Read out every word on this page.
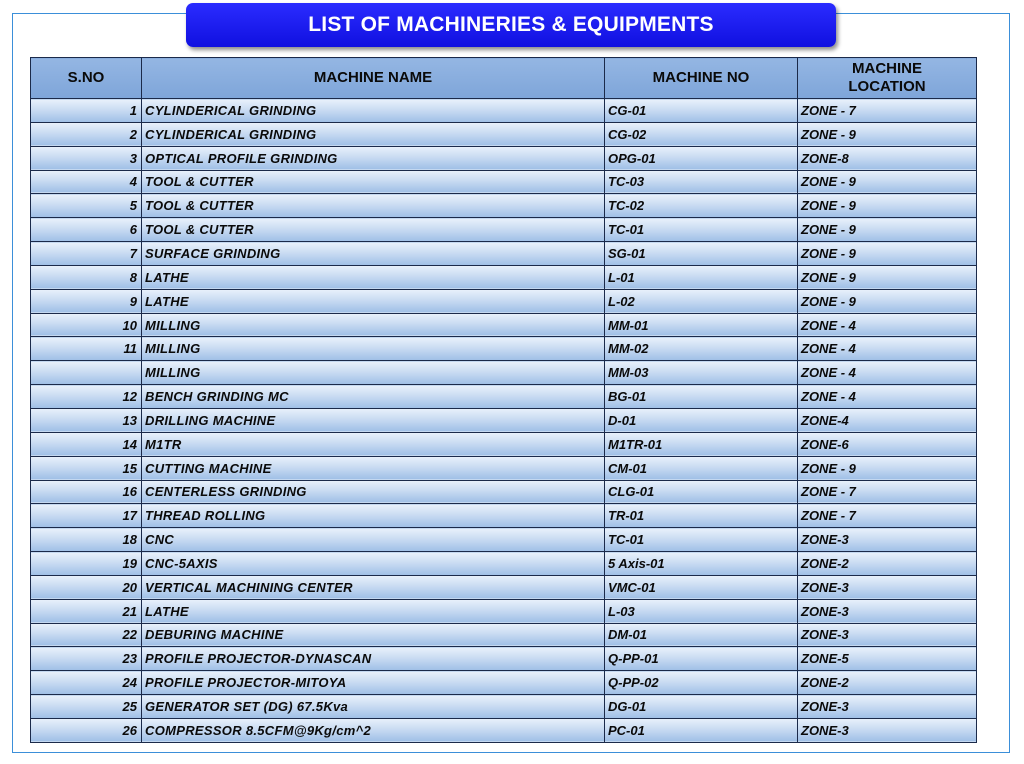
LIST OF MACHINERIES & EQUIPMENTS
S.NO	MACHINE NAME	MACHINE NO	MACHINE
LOCATION
1	CYLINDERICAL GRINDING	CG-01	ZONE - 7
2	CYLINDERICAL GRINDING	CG-02	ZONE - 9
3	OPTICAL PROFILE GRINDING	OPG-01	ZONE-8
4	TOOL & CUTTER	TC-03	ZONE - 9
5	TOOL & CUTTER	TC-02	ZONE - 9
6	TOOL & CUTTER	TC-01	ZONE - 9
7	SURFACE GRINDING	SG-01	ZONE - 9
8	LATHE	L-01	ZONE - 9
9	LATHE	L-02	ZONE - 9
10	MILLING	MM-01	ZONE - 4
11	MILLING	MM-02	ZONE - 4
	MILLING	MM-03	ZONE - 4
12	BENCH GRINDING MC	BG-01	ZONE - 4
13	DRILLING MACHINE	D-01	ZONE-4
14	M1TR	M1TR-01	ZONE-6
15	CUTTING MACHINE	CM-01	ZONE - 9
16	CENTERLESS GRINDING	CLG-01	ZONE - 7
17	THREAD ROLLING	TR-01	ZONE - 7
18	CNC	TC-01	ZONE-3
19	CNC-5AXIS	5 Axis-01	ZONE-2
20	VERTICAL MACHINING CENTER	VMC-01	ZONE-3
21	LATHE	L-03	ZONE-3
22	DEBURING MACHINE	DM-01	ZONE-3
23	PROFILE PROJECTOR-DYNASCAN	Q-PP-01	ZONE-5
24	PROFILE PROJECTOR-MITOYA	Q-PP-02	ZONE-2
25	GENERATOR SET (DG) 67.5Kva	DG-01	ZONE-3
26	COMPRESSOR 8.5CFM@9Kg/cm^2	PC-01	ZONE-3
